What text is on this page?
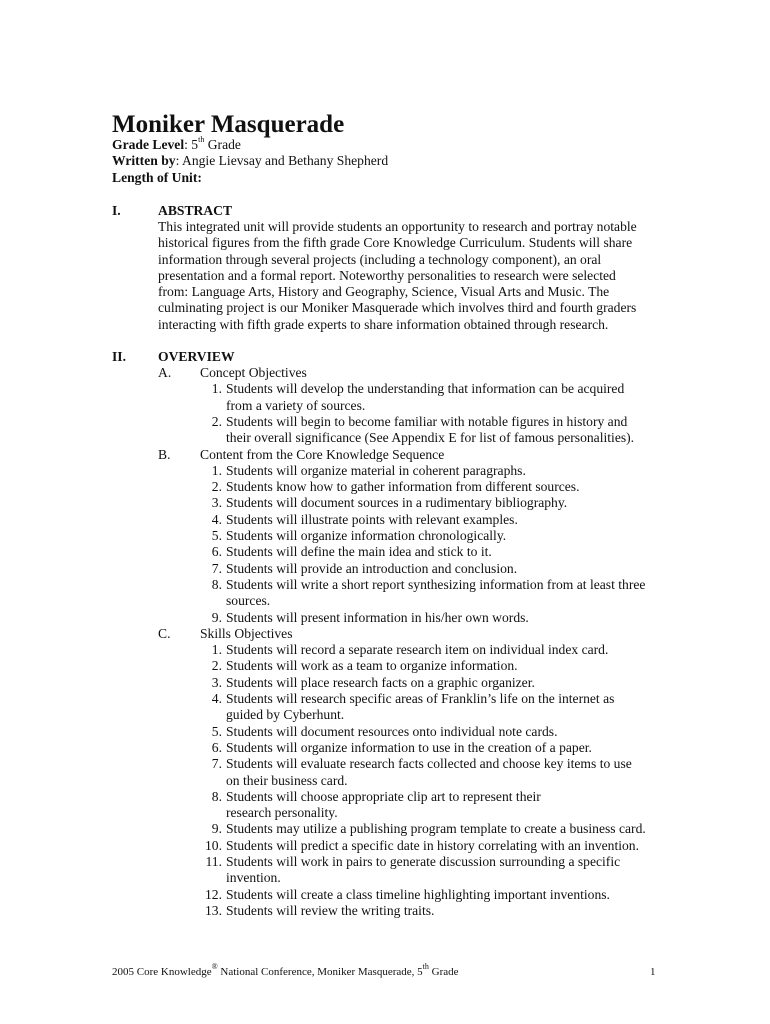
Moniker Masquerade
Grade Level: 5th Grade
Written by: Angie Lievsay and Bethany Shepherd
Length of Unit:
I.	ABSTRACT
This integrated unit will provide students an opportunity to research and portray notable
historical figures from the fifth grade Core Knowledge Curriculum. Students will share
information through several projects (including a technology component), an oral
presentation and a formal report. Noteworthy personalities to research were selected
from: Language Arts, History and Geography, Science, Visual Arts and Music. The
culminating project is our Moniker Masquerade which involves third and fourth graders
interacting with fifth grade experts to share information obtained through research.
II. OVERVIEW
A. Concept Objectives
1. Students will develop the understanding that information can be acquired
from a variety of sources.
2. Students will begin to become familiar with notable figures in history and
their overall significance (See Appendix E for list of famous personalities).
B. Content from the Core Knowledge Sequence
1. Students will organize material in coherent paragraphs.
2. Students know how to gather information from different sources.
3. Students will document sources in a rudimentary bibliography.
4. Students will illustrate points with relevant examples.
5. Students will organize information chronologically.
6. Students will define the main idea and stick to it.
7. Students will provide an introduction and conclusion.
8. Students will write a short report synthesizing information from at least three
sources.
9. Students will present information in his/her own words.
C. Skills Objectives
1. Students will record a separate research item on individual index card.
2. Students will work as a team to organize information.
3. Students will place research facts on a graphic organizer.
4. Students will research specific areas of Franklin’s life on the internet as
guided by Cyberhunt.
5. Students will document resources onto individual note cards.
6. Students will organize information to use in the creation of a paper.
7. Students will evaluate research facts collected and choose key items to use
on their business card.
8. Students will choose appropriate clip art to represent their
research personality.
9. Students may utilize a publishing program template to create a business card.
10. Students will predict a specific date in history correlating with an invention.
11. Students will work in pairs to generate discussion surrounding a specific
invention.
12. Students will create a class timeline highlighting important inventions.
13. Students will review the writing traits.
2005 Core Knowledge® National Conference, Moniker Masquerade, 5th Grade	1
